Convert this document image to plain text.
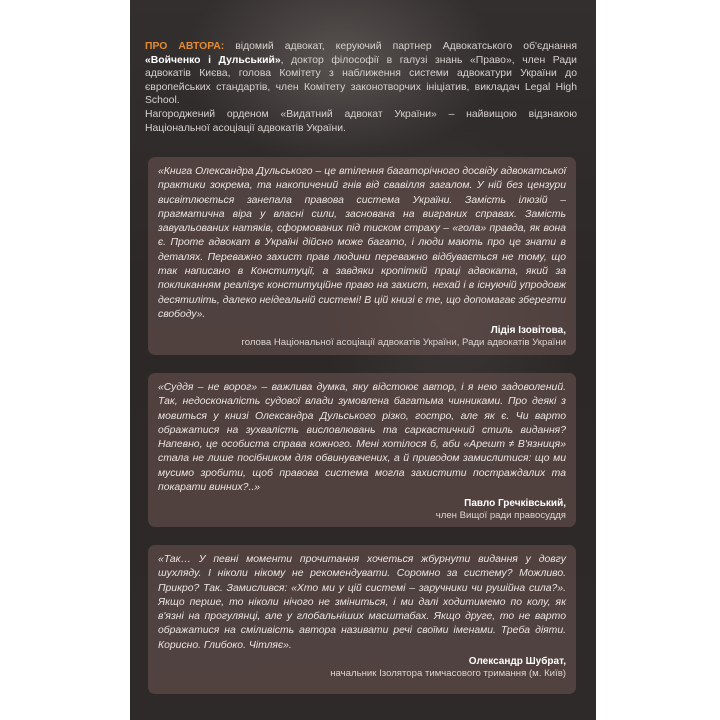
ПРО АВТОРА: відомий адвокат, керуючий партнер Адвокатського об'єднання «Войченко і Дульський», доктор філософії в галузі знань «Право», член Ради адвокатів Києва, голова Комітету з наближення системи адвокатури України до європейських стандартів, член Комітету законотворчих ініціатив, викладач Legal High School.
Нагороджений орденом «Видатний адвокат України» – найвищою відзнакою Національної асоціації адвокатів України.
«Книга Олександра Дульського – це втілення багаторічного досвіду адвокатської практики зокрема, та накопичений гнів від свавілля загалом. У ній без цензури висвітлюється занепала правова система України. Замість ілюзій – прагматична віра у власні сили, заснована на виграних справах. Замість завуальованих натяків, сформованих під тиском страху – «гола» правда, як вона є. Проте адвокат в Україні дійсно може багато, і люди мають про це знати в деталях. Переважно захист прав людини переважно відбувається не тому, що так написано в Конституції, а завдяки кропіткій праці адвоката, який за покликанням реалізує конституційне право на захист, нехай і в існуючій упродовж десятиліть, далеко неідеальній системі! В цій книзі є те, що допомагає зберегти свободу».
Лідія Ізовітова,
голова Національної асоціації адвокатів України, Ради адвокатів України
«Суддя – не ворог» – важлива думка, яку відстоює автор, і я нею задоволений. Так, недосконалість судової влади зумовлена багатьма чинниками. Про деякі з мовиться у книзі Олександра Дульського різко, гостро, але як є. Чи варто ображатися на зухвалість висловлювань та саркастичний стиль видання? Напевно, це особиста справа кожного. Мені хотілося б, аби «Арешт ≠ В'язниця» стала не лише посібником для обвинувачених, а й приводом замислитися: що ми мусимо зробити, щоб правова система могла захистити постраждалих та покарати винних?..»
Павло Гречківський,
член Вищої ради правосуддя
«Так… У певні моменти прочитання хочеться жбурнути видання у довгу шухляду. І ніколи нікому не рекомендувати. Соромно за систему? Можливо. Прикро? Так. Замислився: «Хто ми у цій системі – заручники чи рушійна сила?». Якщо перше, то ніколи нічого не зміниться, і ми далі ходитимемо по колу, як в'язні на прогулянці, але у глобальніших масштабах. Якщо друге, то не варто ображатися на сміливість автора називати речі своїми іменами. Треба діяти. Корисно. Глибоко. Чітляє».
Олександр Шубрат,
начальник Ізолятора тимчасового тримання (м. Київ)
